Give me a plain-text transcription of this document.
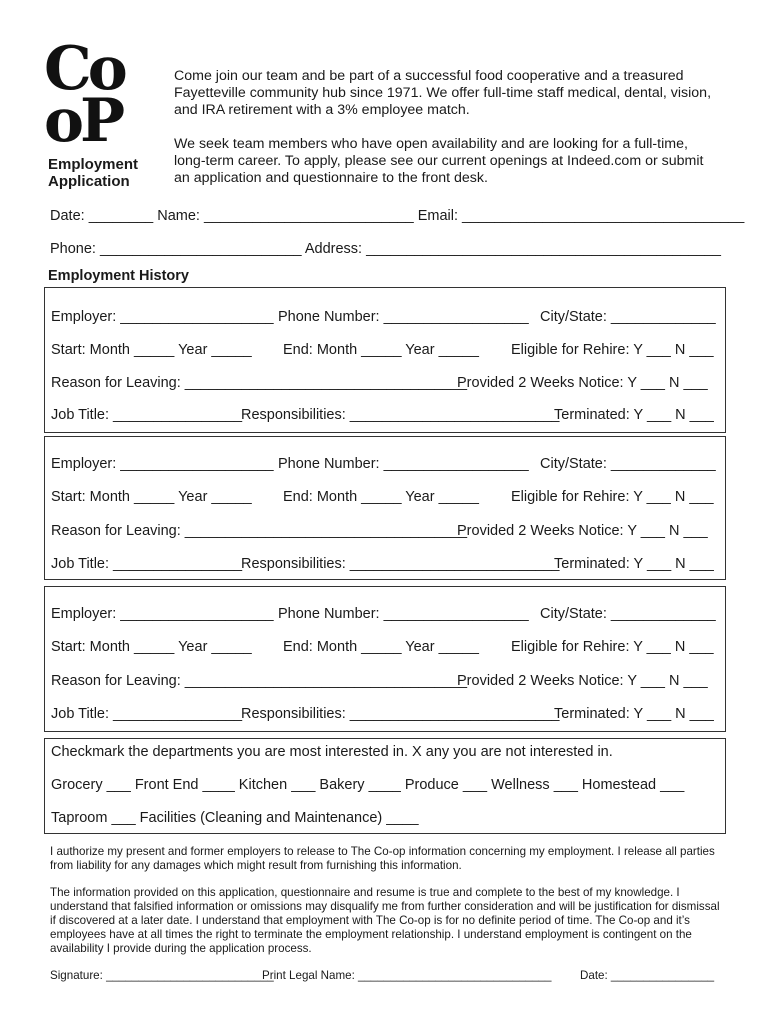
Co
oP
Employment
Application
Come join our team and be part of a successful food cooperative and a treasured Fayetteville community hub since 1971. We offer full-time staff medical, dental, vision, and IRA retirement with a 3% employee match.
We seek team members who have open availability and are looking for a full-time, long-term career. To apply, please see our current openings at Indeed.com or submit an application and questionnaire to the front desk.
Date: ________ Name: __________________________ Email: ___________________________________
Phone: _________________________ Address: ____________________________________________
Employment History
Employer: ___________________ Phone Number: __________________ City/State: _____________
Start: Month _____ Year _____ End: Month _____ Year _____ Eligible for Rehire: Y ___ N ___
Reason for Leaving: ___________________________________
Provided 2 Weeks Notice: Y ___ N ___
Job Title: ________________
Responsibilities: __________________________
Terminated: Y ___ N ___
Employer: ___________________ Phone Number: __________________ City/State: _____________
Start: Month _____ Year _____ End: Month _____ Year _____ Eligible for Rehire: Y ___ N ___
Reason for Leaving: ___________________________________
Provided 2 Weeks Notice: Y ___ N ___
Job Title: ________________
Responsibilities: __________________________
Terminated: Y ___ N ___
Employer: ___________________ Phone Number: __________________ City/State: _____________
Start: Month _____ Year _____ End: Month _____ Year _____ Eligible for Rehire: Y ___ N ___
Reason for Leaving: ___________________________________
Provided 2 Weeks Notice: Y ___ N ___
Job Title: ________________
Responsibilities: __________________________
Terminated: Y ___ N ___
Checkmark the departments you are most interested in. X any you are not interested in.
Grocery ___ Front End ____ Kitchen ___ Bakery ____ Produce ___ Wellness ___ Homestead ___
Taproom ___ Facilities (Cleaning and Maintenance) ____
I authorize my present and former employers to release to The Co-op information concerning my employment. I release all parties from liability for any damages which might result from furnishing this information.
The information provided on this application, questionnaire and resume is true and complete to the best of my knowledge. I understand that falsified information or omissions may disqualify me from further consideration and will be justification for dismissal if discovered at a later date. I understand that employment with The Co-op is for no definite period of time. The Co-op and it’s employees have at all times the right to terminate the employment relationship. I understand employment is contingent on the availability I provide during the application process.
Signature: __________________________
Print Legal Name: ______________________________ Date: ________________
